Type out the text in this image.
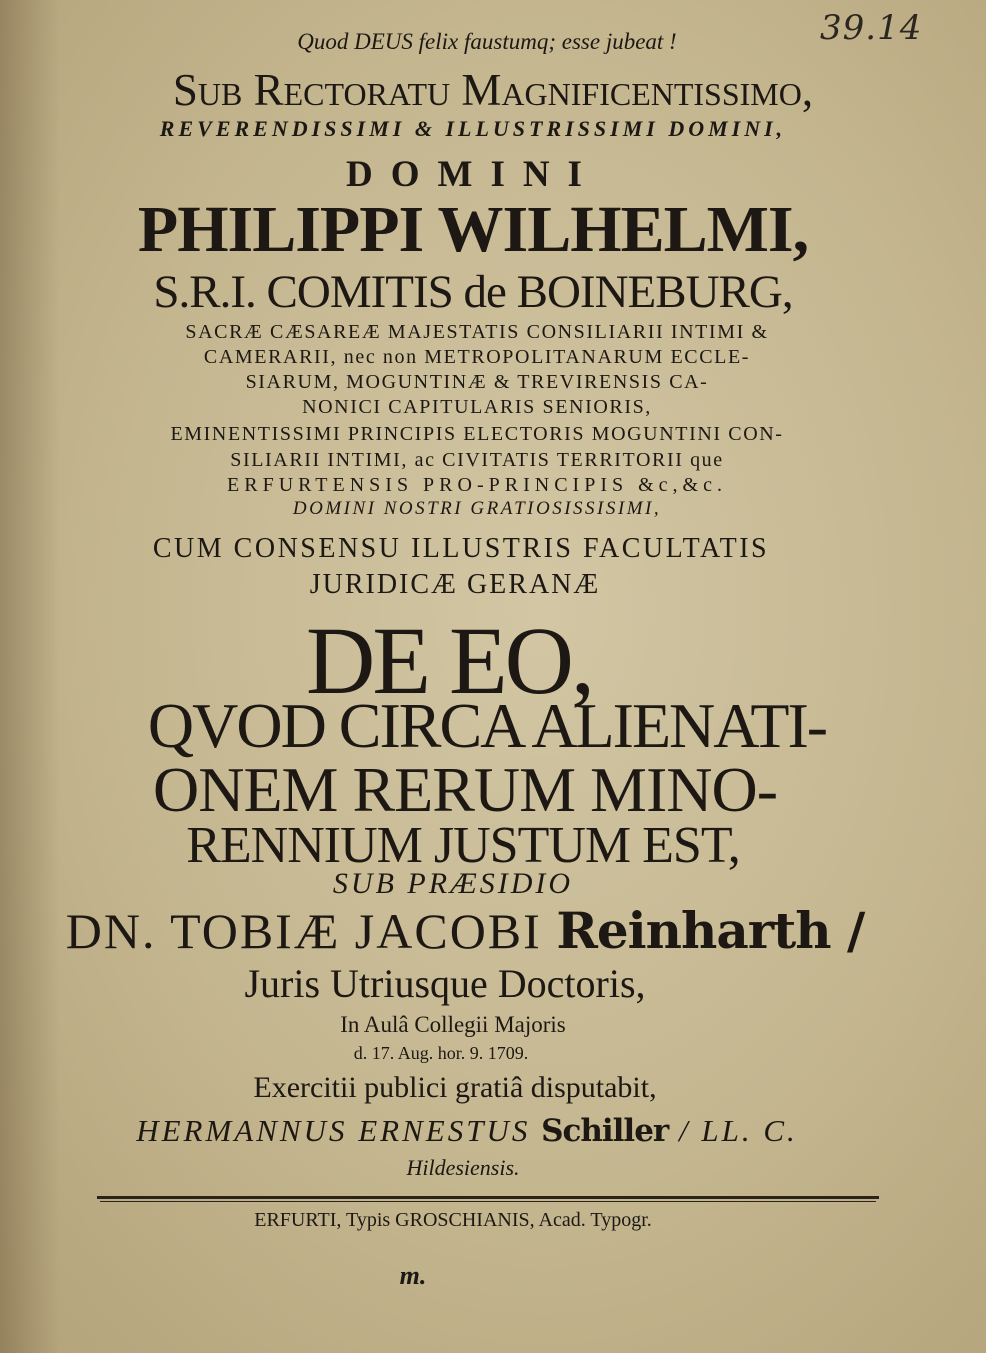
39.14
Quod DEUS felix faustumq; esse jubeat !
Sub Rectoratu Magnificentissimo,
REVERENDISSIMI & ILLUSTRISSIMI DOMINI,
DOMINI
PHILIPPI WILHELMI,
S.R.I. COMITIS de BOINEBURG,
SACRÆ CÆSAREÆ MAJESTATIS CONSILIARII INTIMI &
CAMERARII, nec non METROPOLITANARUM ECCLE-
SIARUM, MOGUNTINÆ & TREVIRENSIS CA-
NONICI CAPITULARIS SENIORIS,
EMINENTISSIMI PRINCIPIS ELECTORIS MOGUNTINI CON-
SILIARII INTIMI, ac CIVITATIS TERRITORII que
ERFURTENSIS PRO-PRINCIPIS &c,&c.
DOMINI NOSTRI GRATIOSISSISIMI,
CUM CONSENSU ILLUSTRIS FACULTATIS
JURIDICÆ GERANÆ
DE EO,
QVOD CIRCA ALIENATI-
ONEM RERUM MINO-
RENNIUM JUSTUM EST,
SUB PRÆSIDIO
DN. TOBIÆ JACOBI Reinharth /
Juris Utriusque Doctoris,
In Aulâ Collegii Majoris
d. 17. Aug. hor. 9. 1709.
Exercitii publici gratiâ disputabit,
HERMANNUS ERNESTUS Schiller / LL. C.
Hildesiensis.
ERFURTI, Typis GROSCHIANIS, Acad. Typogr.
m.
